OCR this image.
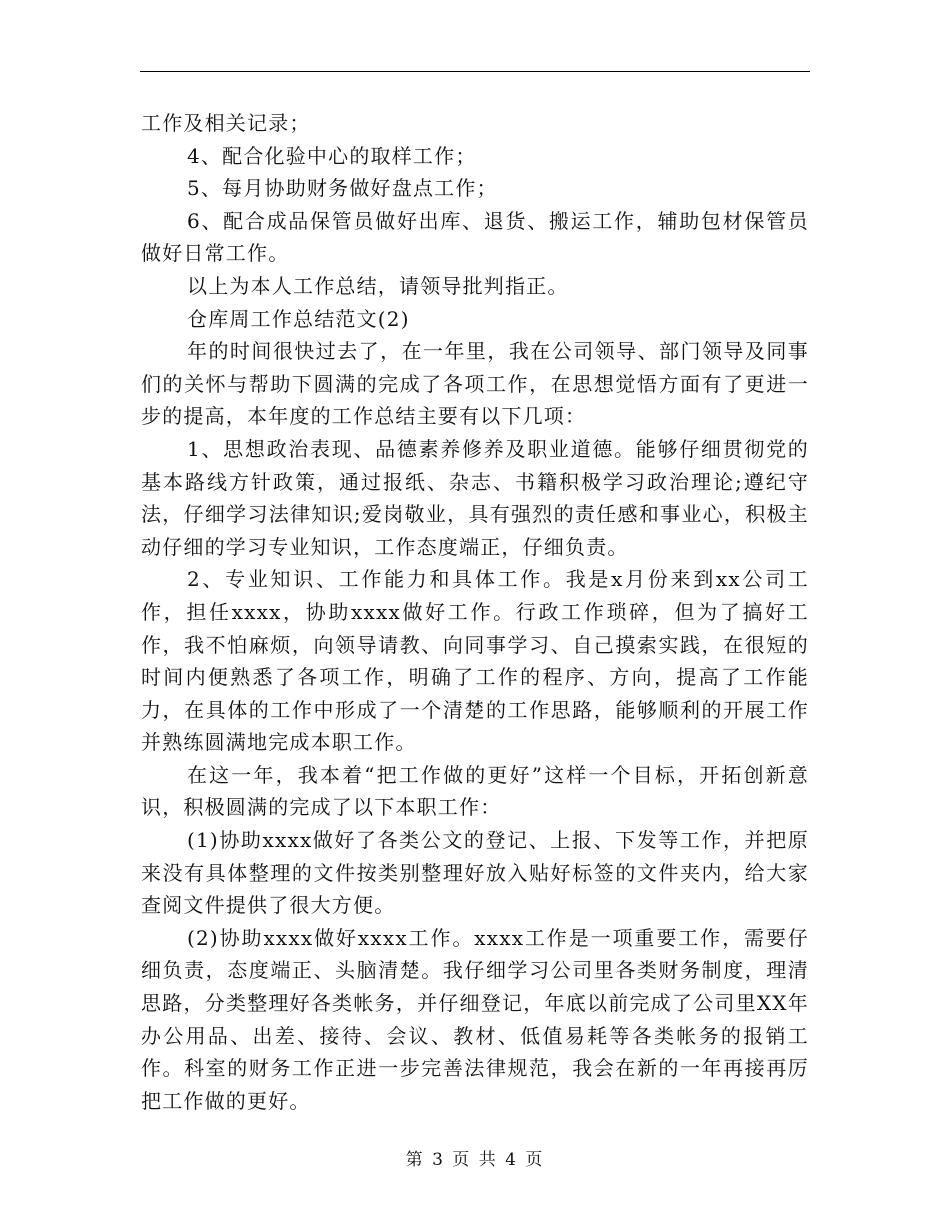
工作及相关记录；

4、配合化验中心的取样工作；

5、每月协助财务做好盘点工作；

6、配合成品保管员做好出库、退货、搬运工作，辅助包材保管员做好日常工作。

以上为本人工作总结，请领导批判指正。

仓库周工作总结范文(2)

年的时间很快过去了，在一年里，我在公司领导、部门领导及同事们的关怀与帮助下圆满的完成了各项工作，在思想觉悟方面有了更进一步的提高，本年度的工作总结主要有以下几项：

1、思想政治表现、品德素养修养及职业道德。能够仔细贯彻党的基本路线方针政策，通过报纸、杂志、书籍积极学习政治理论;遵纪守法，仔细学习法律知识;爱岗敬业，具有强烈的责任感和事业心，积极主动仔细的学习专业知识，工作态度端正，仔细负责。

2、专业知识、工作能力和具体工作。我是x月份来到xx公司工作，担任xxxx，协助xxxx做好工作。行政工作琐碎，但为了搞好工作，我不怕麻烦，向领导请教、向同事学习、自己摸索实践，在很短的时间内便熟悉了各项工作，明确了工作的程序、方向，提高了工作能力，在具体的工作中形成了一个清楚的工作思路，能够顺利的开展工作并熟练圆满地完成本职工作。

在这一年，我本着“把工作做的更好”这样一个目标，开拓创新意识，积极圆满的完成了以下本职工作：

(1)协助xxxx做好了各类公文的登记、上报、下发等工作，并把原来没有具体整理的文件按类别整理好放入贴好标签的文件夹内，给大家查阅文件提供了很大方便。

(2)协助xxxx做好xxxx工作。xxxx工作是一项重要工作，需要仔细负责，态度端正、头脑清楚。我仔细学习公司里各类财务制度，理清思路，分类整理好各类帐务，并仔细登记，年底以前完成了公司里XX年办公用品、出差、接待、会议、教材、低值易耗等各类帐务的报销工作。科室的财务工作正进一步完善法律规范，我会在新的一年再接再厉把工作做的更好。

第 3 页 共 4 页
